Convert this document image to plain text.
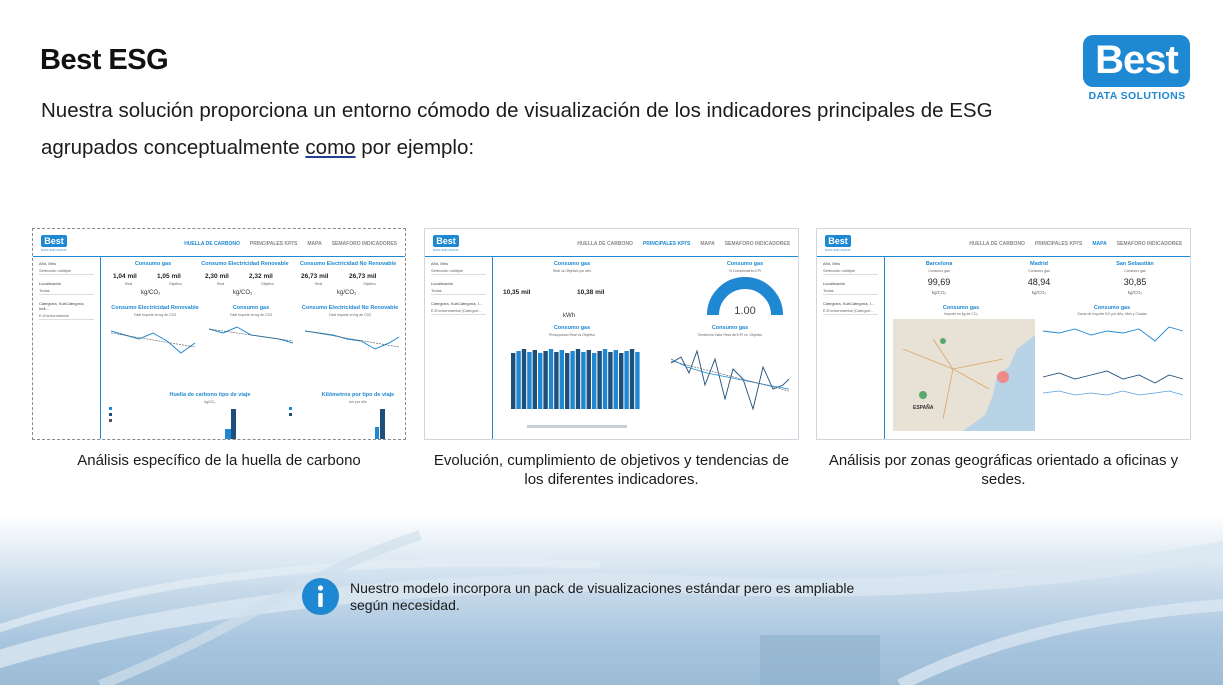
Best ESG
Nuestra solución proporciona un entorno cómodo de visualización de los indicadores principales de ESG agrupados conceptualmente como por ejemplo:
Best
DATA SOLUTIONS
Best
DATA SOLUTIONS
HUELLA DE CARBONO PRINCIPALES KPI'S MAPA SEMAFORO INDICADORES
Año, Mes
Selección múltiple
Localización
Todas
Categoría, SubCategoría, Indi...
E-Environmental
Consumo gas
1,04 mil	1,05 mil
Real	Objetivo
kg/CO₂
Consumo Electricidad Renovable
2,30 mil	2,32 mil
Real	Objetivo
kg/CO₂
Consumo Electricidad No Renovable
26,73 mil	26,73 mil
Real	Objetivo
kg/CO₂
Consumo Electricidad Renovable
Total importe en kg de CO2
Consumo gas
Total importe en kg de CO2
Consumo Electricidad No Renovable
Total importe en kg de CO2
Huella de carbono tipo de viaje
kg/CO₂
Kilómetros por tipo de viaje
km por año
Best
DATA SOLUTIONS
HUELLA DE CARBONO PRINCIPALES KPI'S MAPA SEMAFORO INDICADORES
Año, Mes
Selección múltiple
Localización
Todas
Categoría, SubCategoría, I...
E-Environmental (Categori...
Consumo gas
Real vs Objetivo por año
10,35 mil	10,38 mil
kWh
Consumo gas
% Cumplimiento KPI
1.00
Consumo gas
Presupuesto Real vs Objetivo
Consumo gas
Tendencia Valor Real del KPI vs. Objetivo
Best
DATA SOLUTIONS
HUELLA DE CARBONO PRINCIPALES KPI'S MAPA SEMAFORO INDICADORES
Año, Mes
Selección múltiple
Localización
Todas
Categoría, SubCategoría, I...
E-Environmental (Categori...
Barcelona
Consumo gas
99,69
kg/CO₂
Madrid
Consumo gas
48,94
kg/CO₂
San Sebastián
Consumo gas
30,85
kg/CO₂
Consumo gas
Importe en kg de CO₂
ESPAÑA
Consumo gas
Suma de Importe KG por Año, Mes y Ciudad
Análisis específico de la huella de carbono	Evolución, cumplimiento de objetivos y tendencias de los diferentes indicadores.
Análisis por zonas geográficas orientado a oficinas y sedes.
Nuestro modelo incorpora un pack de visualizaciones estándar pero es ampliable según necesidad.
